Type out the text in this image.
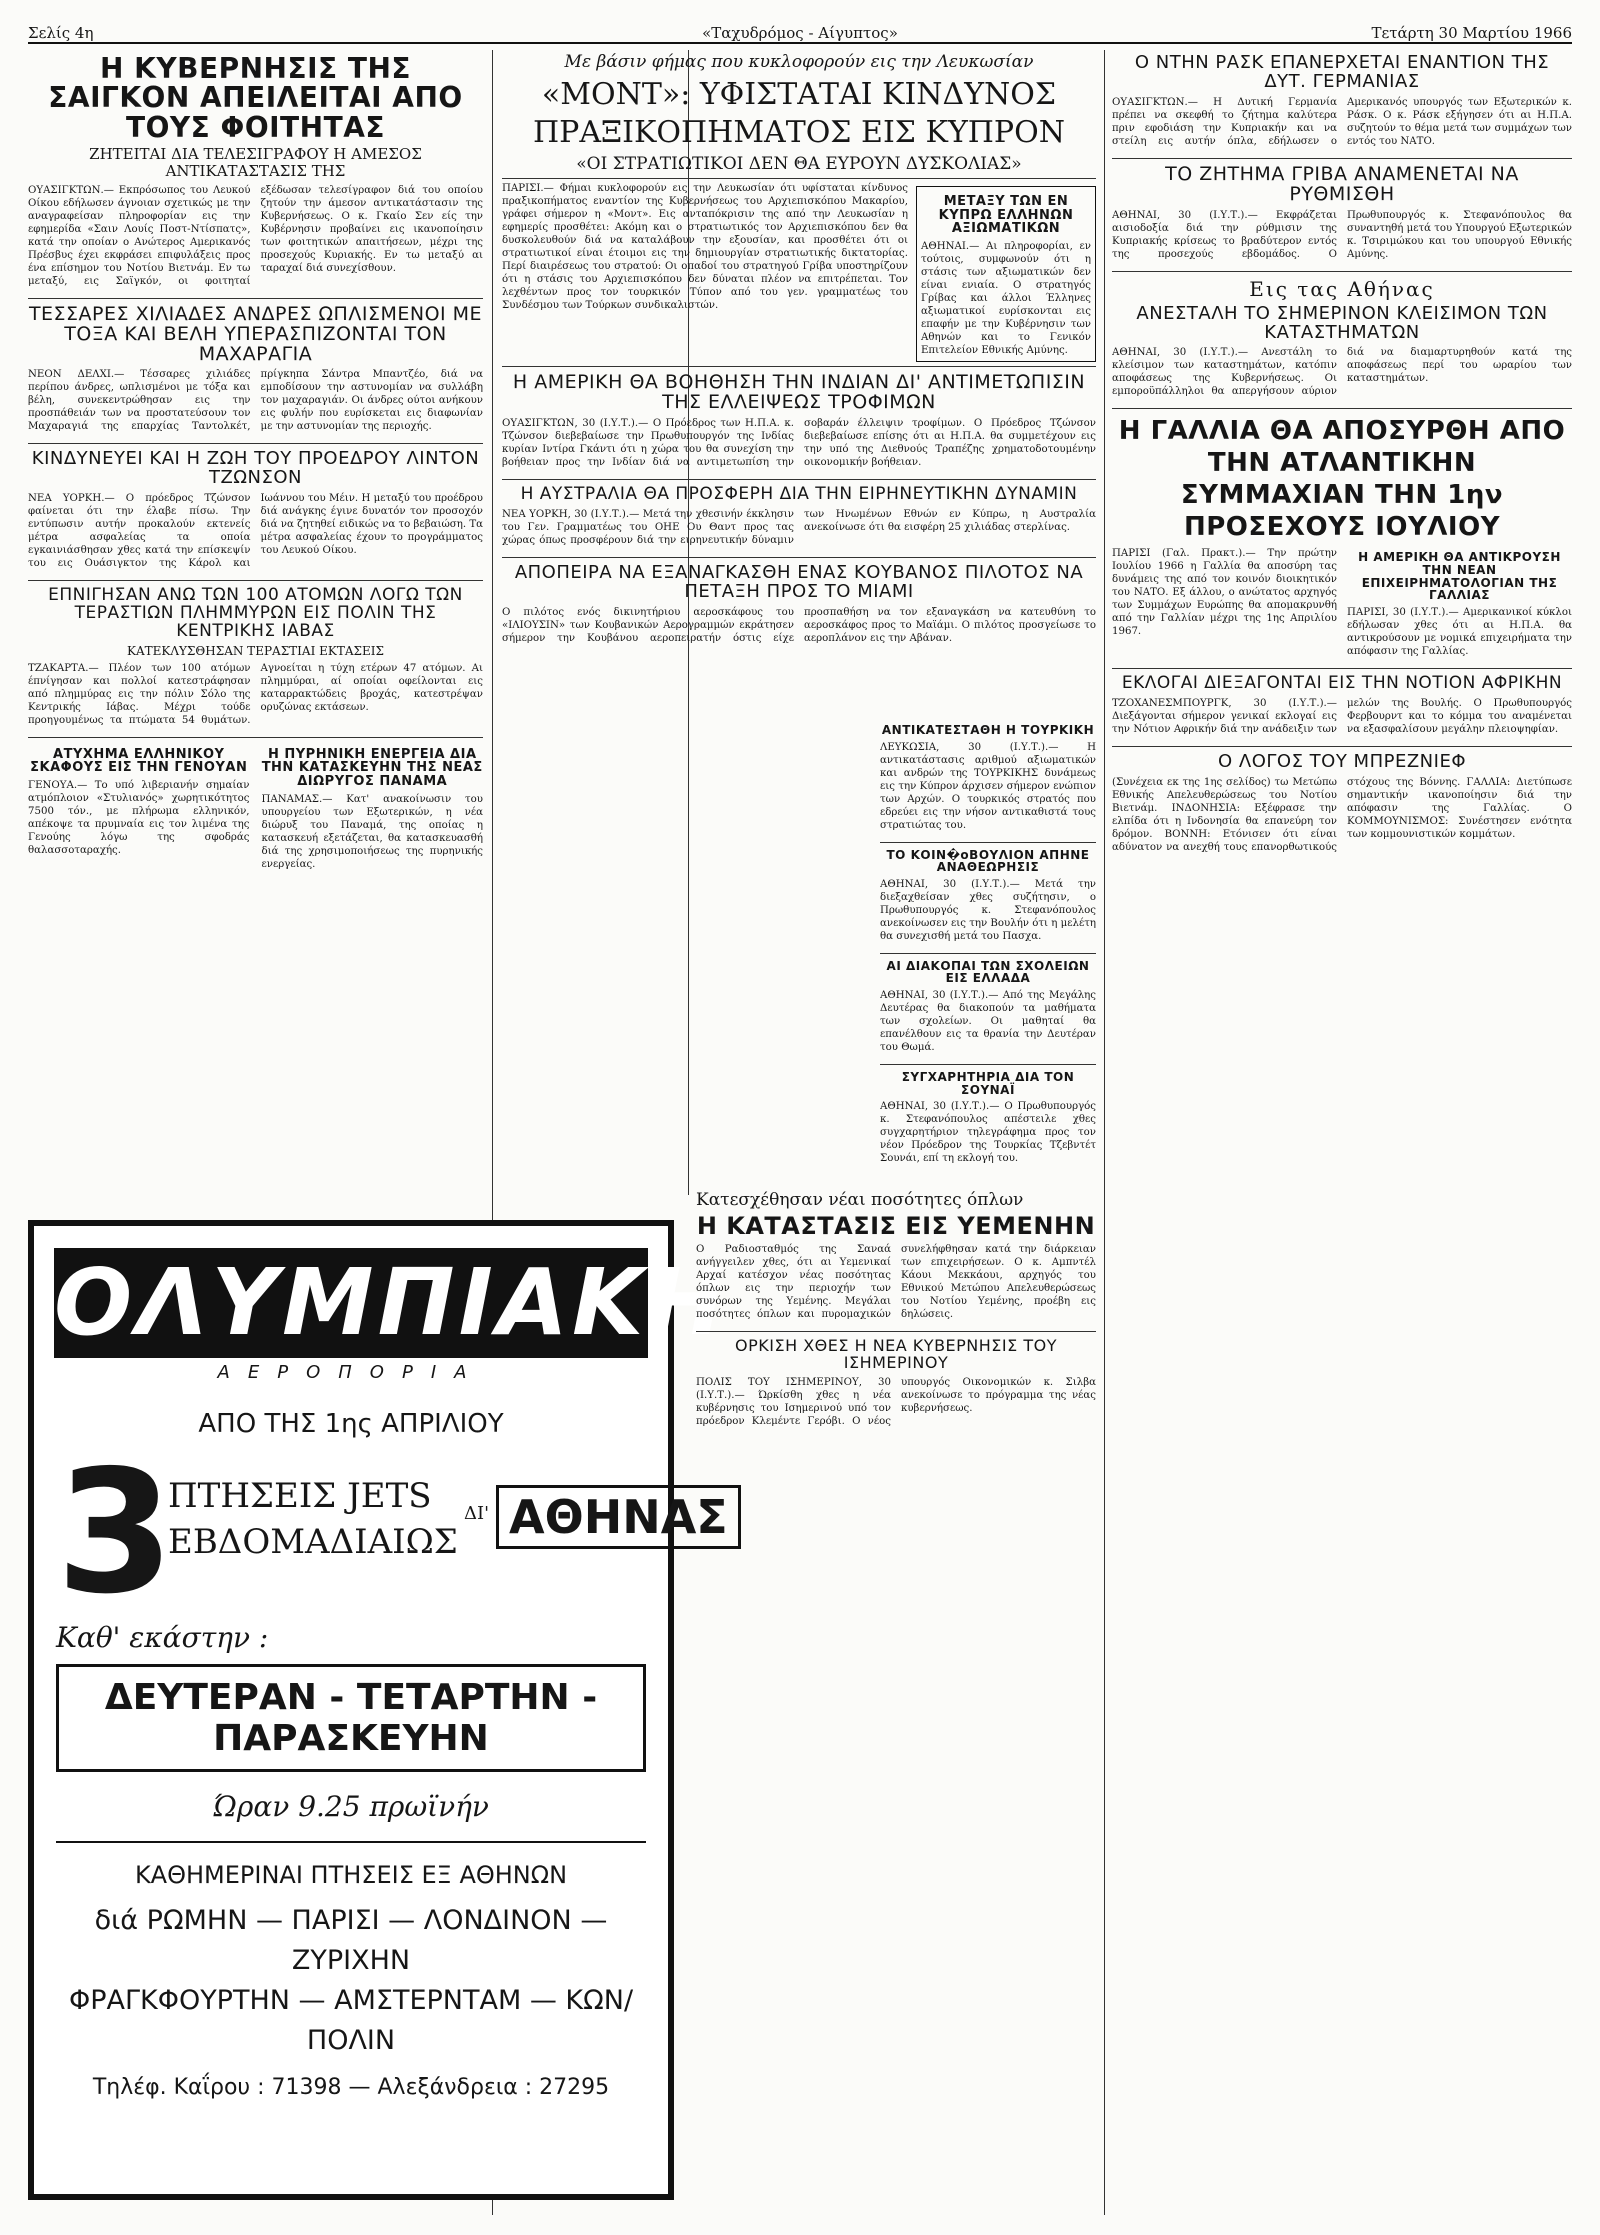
Σελίς 4η	«Ταχυδρόμος - Αίγυπτος»	Τετάρτη 30 Μαρτίου 1966
Η ΚΥΒΕΡΝΗΣΙΣ ΤΗΣ ΣΑΙΓΚΟΝ ΑΠΕΙΛΕΙΤΑΙ ΑΠΟ ΤΟΥΣ ΦΟΙΤΗΤΑΣ
ΖΗΤΕΙΤΑΙ ΔΙΑ ΤΕΛΕΣΙΓΡΑΦΟΥ Η ΑΜΕΣΟΣ ΑΝΤΙΚΑΤΑΣΤΑΣΙΣ ΤΗΣ
ΟΥΑΣΙΓΚΤΩΝ.— Εκπρόσωπος του Λευκού Οίκου εδήλωσεν άγνοιαν σχετικώς με την αναγραφείσαν πληροφορίαν εις την εφημερίδα «Σαιν Λουίς Ποστ-Ντίσπατς», κατά την οποίαν ο Ανώτερος Αμερικανός Πρέσβυς έχει εκφράσει επιφυλάξεις προς ένα επίσημον του Νοτίου Βιετνάμ. Εν τω μεταξύ, εις Σαϊγκόν, οι φοιτηταί εξέδωσαν τελεσίγραφον διά του οποίου ζητούν την άμεσον αντικατάστασιν της Κυβερνήσεως. Ο κ. Γκαίο Σεν είς την Κυβέρνησιν προβαίνει εις ικανοποίησιν των φοιτητικών απαιτήσεων, μέχρι της προσεχούς Κυριακής. Εν τω μεταξύ αι ταραχαί διά συνεχίσθουν.
ΤΕΣΣΑΡΕΣ ΧΙΛΙΑΔΕΣ ΑΝΔΡΕΣ ΩΠΛΙΣΜΕΝΟΙ ΜΕ ΤΟΞΑ ΚΑΙ ΒΕΛΗ ΥΠΕΡΑΣΠΙΖΟΝΤΑΙ ΤΟΝ ΜΑΧΑΡΑΓΙΑ
ΝΕΟΝ ΔΕΛΧΙ.— Τέσσαρες χιλιάδες περίπου άνδρες, ωπλισμένοι με τόξα και βέλη, συνεκεντρώθησαν εις την προσπάθειάν των να προστατεύσουν τον Μαχαραγιά της επαρχίας Ταντολκέτ, πρίγκηπα Σάντρα Μπαντζέο, διά να εμποδίσουν την αστυνομίαν να συλλάβη τον μαχαραγιάν. Οι άνδρες ούτοι ανήκουν εις φυλήν που ευρίσκεται εις διαφωνίαν με την αστυνομίαν της περιοχής.
ΚΙΝΔΥΝΕΥΕΙ ΚΑΙ Η ΖΩΗ ΤΟΥ ΠΡΟΕΔΡΟΥ ΛΙΝΤΟΝ ΤΖΩΝΣΟΝ
ΝΕΑ ΥΟΡΚΗ.— Ο πρόεδρος Τζώνσον φαίνεται ότι την έλαβε πίσω. Την εντύπωσιν αυτήν προκαλούν εκτενείς μέτρα ασφαλείας τα οποία εγκαινιάσθησαν χθες κατά την επίσκεψίν του εις Ουάσιγκτον της Κάρολ και Ιωάννου του Μέιν. Η μεταξύ του προέδρου διά ανάγκης έγινε δυνατόν τον προσοχόν διά να ζητηθεί ειδικώς να το βεβαιώση. Τα μέτρα ασφαλείας έχουν το προγράμματος του Λευκού Οίκου.
ΕΠΝΙΓΗΣΑΝ ΑΝΩ ΤΩΝ 100 ΑΤΟΜΩΝ ΛΟΓΩ ΤΩΝ ΤΕΡΑΣΤΙΩΝ ΠΛΗΜΜΥΡΩΝ ΕΙΣ ΠΟΛΙΝ ΤΗΣ ΚΕΝΤΡΙΚΗΣ ΙΑΒΑΣ
ΚΑΤΕΚΛΥΣΘΗΣΑΝ ΤΕΡΑΣΤΙΑΙ ΕΚΤΑΣΕΙΣ
ΤΖΑΚΑΡΤΑ.— Πλέον των 100 ατόμων έπνίγησαν και πολλοί κατεστράφησαν από πλημμύρας εις την πόλιν Σόλο της Κεντρικής Ιάβας. Μέχρι τούδε προηγουμένως τα πτώματα 54 θυμάτων. Αγνοείται η τύχη ετέρων 47 ατόμων. Αι πλημμύραι, αί οποίαι οφείλονται εις καταρρακτώδεις βροχάς, κατεστρέψαν ορυζώνας εκτάσεων.
ΑΤΥΧΗΜΑ ΕΛΛΗΝΙΚΟΥ ΣΚΑΦΟΥΣ ΕΙΣ ΤΗΝ ΓΕΝΟΥΑΝ
ΓΕΝΟΥΑ.— Το υπό λιβεριανήν σημαίαν ατμόπλοιον «Στυλιανός» χωρητικότητος 7500 τόν., με πλήρωμα ελληνικόν, απέκοψε τα πρυμναία εις τον λιμένα της Γενούης λόγω της σφοδράς θαλασσοταραχής.
Η ΠΥΡΗΝΙΚΗ ΕΝΕΡΓΕΙΑ ΔΙΑ ΤΗΝ ΚΑΤΑΣΚΕΥΗΝ ΤΗΣ ΝΕΑΣ ΔΙΩΡΥΓΟΣ ΠΑΝΑΜΑ
ΠΑΝΑΜΑΣ.— Κατ' ανακοίνωσιν του υπουργείου των Εξωτερικών, η νέα διώρυξ του Παναμά, της οποίας η κατασκευή εξετάζεται, θα κατασκευασθή διά της χρησιμοποιήσεως της πυρηνικής ενεργείας.
ΟΛΥΜΠΙΑΚΗ
ΑΕΡΟΠΟΡΙΑ
ΑΠΟ ΤΗΣ 1ης ΑΠΡΙΛΙΟΥ
3
ΠΤΗΣΕΙΣ JETS
ΕΒΔΟΜΑΔΙΑΙΩΣ
ΔΙ' ΑΘΗΝΑΣ
Καθ' εκάστην :
ΔΕΥΤΕΡΑΝ - ΤΕΤΑΡΤΗΝ - ΠΑΡΑΣΚΕΥΗΝ
Ώραν 9.25 πρωϊνήν
ΚΑΘΗΜΕΡΙΝΑΙ ΠΤΗΣΕΙΣ ΕΞ ΑΘΗΝΩΝ
διά ΡΩΜΗΝ — ΠΑΡΙΣΙ — ΛΟΝΔΙΝΟΝ — ΖΥΡΙΧΗΝ
ΦΡΑΓΚΦΟΥΡΤΗΝ — ΑΜΣΤΕΡΝΤΑΜ — ΚΩΝ/ΠΟΛΙΝ
Τηλέφ. Καΐρου : 71398 — Αλεξάνδρεια : 27295
Με βάσιν φήμας που κυκλοφορούν εις την Λευκωσίαν
«ΜΟΝΤ»: ΥΦΙΣΤΑΤΑΙ ΚΙΝΔΥΝΟΣ ΠΡΑΞΙΚΟΠΗΜΑΤΟΣ ΕΙΣ ΚΥΠΡΟΝ
«ΟΙ ΣΤΡΑΤΙΩΤΙΚΟΙ ΔΕΝ ΘΑ ΕΥΡΟΥΝ ΔΥΣΚΟΛΙΑΣ»
ΜΕΤΑΞΥ ΤΩΝ ΕΝ ΚΥΠΡΩ ΕΛΛΗΝΩΝ ΑΞΙΩΜΑΤΙΚΩΝ
ΑΘΗΝΑΙ.— Αι πληροφορίαι, εν τούτοις, συμφωνούν ότι η στάσις των αξιωματικών δεν είναι ενιαία. Ο στρατηγός Γρίβας και άλλοι Έλληνες αξιωματικοί ευρίσκονται εις επαφήν με την Κυβέρνησιν των Αθηνών και το Γενικόν Επιτελείον Εθνικής Αμύνης.
ΠΑΡΙΣΙ.— Φήμαι κυκλοφορούν εις την Λευκωσίαν ότι υφίσταται κίνδυνος πραξικοπήματος εναντίον της Κυβερνήσεως του Αρχιεπισκόπου Μακαρίου, γράφει σήμερον η «Μοντ». Εις ανταπόκρισιν της από την Λευκωσίαν η εφημερίς προσθέτει: Ακόμη και ο στρατιωτικός τον Αρχιεπισκόπου δεν θα δυσκολευθούν διά να καταλάβουν την εξουσίαν, και προσθέτει ότι οι στρατιωτικοί είναι έτοιμοι εις την δημιουργίαν στρατιωτικής δικτατορίας. Περί διαιρέσεως του στρατού: Οι οπαδοί του στρατηγού Γρίβα υποστηρίζουν ότι η στάσις του Αρχιεπισκόπου δεν δύναται πλέον να επιτρέπεται. Τον λεχθέντων προς τον τουρκικόν Τύπον από του γεν. γραμματέως του Συνδέσμου των Τούρκων συνδικαλιστών.
Η ΑΜΕΡΙΚΗ ΘΑ ΒΟΗΘΗΣΗ ΤΗΝ ΙΝΔΙΑΝ ΔΙ' ΑΝΤΙΜΕΤΩΠΙΣΙΝ ΤΗΣ ΕΛΛΕΙΨΕΩΣ ΤΡΟΦΙΜΩΝ
ΟΥΑΣΙΓΚΤΩΝ, 30 (Ι.Υ.Τ.).— Ο Πρόεδρος των Η.Π.Α. κ. Τζώνσον διεβεβαίωσε την Πρωθυπουργόν της Ινδίας κυρίαν Ιντίρα Γκάντι ότι η χώρα του θα συνεχίση την βοήθειαν προς την Ινδίαν διά να αντιμετωπίση την σοβαράν έλλειψιν τροφίμων. Ο Πρόεδρος Τζώνσον διεβεβαίωσε επίσης ότι αι Η.Π.Α. θα συμμετέχουν εις την υπό της Διεθνούς Τραπέζης χρηματοδοτουμένην οικονομικήν βοήθειαν.
Η ΑΥΣΤΡΑΛΙΑ ΘΑ ΠΡΟΣΦΕΡΗ ΔΙΑ ΤΗΝ ΕΙΡΗΝΕΥΤΙΚΗΝ ΔΥΝΑΜΙΝ
ΝΕΑ ΥΟΡΚΗ, 30 (Ι.Υ.Τ.).— Μετά την χθεσινήν έκκλησιν του Γεν. Γραμματέως του ΟΗΕ Ου Θαντ προς τας χώρας όπως προσφέρουν διά την ειρηνευτικήν δύναμιν των Ηνωμένων Εθνών εν Κύπρω, η Αυστραλία ανεκοίνωσε ότι θα εισφέρη 25 χιλιάδας στερλίνας.
ΑΠΟΠΕΙΡΑ ΝΑ ΕΞΑΝΑΓΚΑΣΘΗ ΕΝΑΣ ΚΟΥΒΑΝΟΣ ΠΙΛΟΤΟΣ ΝΑ ΠΕΤΑΞΗ ΠΡΟΣ ΤΟ ΜΙΑΜΙ
Ο πιλότος ενός δικινητήριου αεροσκάφους του «ΙΛΙΟΥΣΙΝ» των Κουβανικών Αερογραμμών εκράτησεν σήμερον την Κουβάνου αεροπειρατήν όστις είχε προσπαθήση να τον εξαναγκάση να κατευθύνη το αεροσκάφος προς το Μαϊάμι. Ο πιλότος προσγείωσε το αεροπλάνον εις την Αβάναν.
Κατεσχέθησαν νέαι ποσότητες όπλων
Η ΚΑΤΑΣΤΑΣΙΣ ΕΙΣ ΥΕΜΕΝΗΝ
Ο Ραδιοσταθμός της Σαναά ανήγγειλεν χθες, ότι αι Υεμενικαί Αρχαί κατέσχον νέας ποσότητας όπλων εις την περιοχήν των συνόρων της Υεμένης. Μεγάλαι ποσότητες όπλων και πυρομαχικών συνελήφθησαν κατά την διάρκειαν των επιχειρήσεων. Ο κ. Αμπντέλ Κάουι Μεκκάουι, αρχηγός του Εθνικού Μετώπου Απελευθερώσεως του Νοτίου Υεμένης, προέβη εις δηλώσεις.
ΟΡΚΙΣΗ ΧΘΕΣ Η ΝΕΑ ΚΥΒΕΡΝΗΣΙΣ ΤΟΥ ΙΣΗΜΕΡΙΝΟΥ
ΠΟΛΙΣ ΤΟΥ ΙΣΗΜΕΡΙΝΟΥ, 30 (Ι.Υ.Τ.).— Ώρκίσθη χθες η νέα κυβέρνησις του Ισημερινού υπό τον πρόεδρον Κλεμέντε Γερόβι. Ο νέος υπουργός Οικονομικών κ. Σιλβα ανεκοίνωσε το πρόγραμμα της νέας κυβερνήσεως.
Ο ΝΤΗΝ ΡΑΣΚ ΕΠΑΝΕΡΧΕΤΑΙ ΕΝΑΝΤΙΟΝ ΤΗΣ ΔΥΤ. ΓΕΡΜΑΝΙΑΣ
ΟΥΑΣΙΓΚΤΩΝ.— Η Δυτική Γερμανία πρέπει να σκεφθή το ζήτημα καλύτερα πριν εφοδιάση την Κυπριακήν και να στείλη εις αυτήν όπλα, εδήλωσεν ο Αμερικανός υπουργός των Εξωτερικών κ. Ράσκ. Ο κ. Ράσκ εξήγησεν ότι αι Η.Π.Α. συζητούν το θέμα μετά των συμμάχων των εντός του ΝΑΤΟ.
ΤΟ ΖΗΤΗΜΑ ΓΡΙΒΑ ΑΝΑΜΕΝΕΤΑΙ ΝΑ ΡΥΘΜΙΣΘΗ
ΑΘΗΝΑΙ, 30 (Ι.Υ.Τ.).— Εκφράζεται αισιοδοξία διά την ρύθμισιν της Κυπριακής κρίσεως το βραδύτερον εντός της προσεχούς εβδομάδος. Ο Πρωθυπουργός κ. Στεφανόπουλος θα συναντηθή μετά του Υπουργού Εξωτερικών κ. Τσιριμώκου και του υπουργού Εθνικής Αμύνης.
Εις τας Αθήνας
ΑΝΕΣΤΑΛΗ ΤΟ ΣΗΜΕΡΙΝΟΝ ΚΛΕΙΣΙΜΟΝ ΤΩΝ ΚΑΤΑΣΤΗΜΑΤΩΝ
ΑΘΗΝΑΙ, 30 (Ι.Υ.Τ.).— Ανεστάλη το κλείσιμον των καταστημάτων, κατόπιν αποφάσεως της Κυβερνήσεως. Οι εμποροϋπάλληλοι θα απεργήσουν αύριον διά να διαμαρτυρηθούν κατά της αποφάσεως περί του ωραρίου των καταστημάτων.
Η ΓΑΛΛΙΑ ΘΑ ΑΠΟΣΥΡΘΗ ΑΠΟ ΤΗΝ ΑΤΛΑΝΤΙΚΗΝ ΣΥΜΜΑΧΙΑΝ ΤΗΝ 1ην ΠΡΟΣΕΧΟΥΣ ΙΟΥΛΙΟΥ
ΠΑΡΙΣΙ (Γαλ. Πρακτ.).— Την πρώτην Ιουλίου 1966 η Γαλλία θα αποσύρη τας δυνάμεις της από τον κοινόν διοικητικόν του ΝΑΤΟ. Εξ άλλου, ο ανώτατος αρχηγός των Συμμάχων Ευρώπης θα απομακρυνθή από την Γαλλίαν μέχρι της 1ης Απριλίου 1967.
Η ΑΜΕΡΙΚΗ ΘΑ ΑΝΤΙΚΡΟΥΣΗ ΤΗΝ ΝΕΑΝ ΕΠΙΧΕΙΡΗΜΑΤΟΛΟΓΙΑΝ ΤΗΣ ΓΑΛΛΙΑΣ
ΠΑΡΙΣΙ, 30 (Ι.Υ.Τ.).— Αμερικανικοί κύκλοι εδήλωσαν χθες ότι αι Η.Π.Α. θα αντικρούσουν με νομικά επιχειρήματα την απόφασιν της Γαλλίας.
ΕΚΛΟΓΑΙ ΔΙΕΞΑΓΟΝΤΑΙ ΕΙΣ ΤΗΝ ΝΟΤΙΟΝ ΑΦΡΙΚΗΝ
ΤΖΟΧΑΝΕΣΜΠΟΥΡΓΚ, 30 (Ι.Υ.Τ.).— Διεξάγονται σήμερον γενικαί εκλογαί εις την Νότιον Αφρικήν διά την ανάδειξιν των μελών της Βουλής. Ο Πρωθυπουργός Φερβουρντ και το κόμμα του αναμένεται να εξασφαλίσουν μεγάλην πλειοψηφίαν.
Ο ΛΟΓΟΣ ΤΟΥ ΜΠΡΕΖΝΙΕΦ
(Συνέχεια εκ της 1ης σελίδος) τω Μετώπω Εθνικής Απελευθερώσεως του Νοτίου Βιετνάμ. ΙΝΔΟΝΗΣΙΑ: Εξέφρασε την ελπίδα ότι η Ινδονησία θα επανεύρη τον δρόμον. ΒΟΝΝΗ: Ετόνισεν ότι είναι αδύνατον να ανεχθή τους επανορθωτικούς στόχους της Βόννης. ΓΑΛΛΙΑ: Διετύπωσε σημαντικήν ικανοποίησιν διά την απόφασιν της Γαλλίας. Ο ΚΟΜΜΟΥΝΙΣΜΟΣ: Συνέστησεν ενότητα των κομμουνιστικών κομμάτων.
ΑΝΤΙΚΑΤΕΣΤΑΘΗ Η ΤΟΥΡΚΙΚΗ
ΛΕΥΚΩΣΙΑ, 30 (Ι.Υ.Τ.).— Η αντικατάστασις αριθμού αξιωματικών και ανδρών της ΤΟΥΡΚΙΚΗΣ δυνάμεως εις την Κύπρον άρχισεν σήμερον ενώπιον των Αρχών. Ο τουρκικός στρατός που εδρεύει εις την νήσον αντικαθιστά τους στρατιώτας του.
ΤΟ ΚΟΙΝ�οΒΟΥΛΙΟΝ ΑΠΗΝΕ ΑΝΑΘΕΩΡΗΣΙΣ
ΑΘΗΝΑΙ, 30 (Ι.Υ.Τ.).— Μετά την διεξαχθείσαν χθες συζήτησιν, ο Πρωθυπουργός κ. Στεφανόπουλος ανεκοίνωσεν εις την Βουλήν ότι η μελέτη θα συνεχισθή μετά του Πασχα.
ΑΙ ΔΙΑΚΟΠΑΙ ΤΩΝ ΣΧΟΛΕΙΩΝ ΕΙΣ ΕΛΛΑΔΑ
ΑΘΗΝΑΙ, 30 (Ι.Υ.Τ.).— Από της Μεγάλης Δευτέρας θα διακοπούν τα μαθήματα των σχολείων. Οι μαθηταί θα επανέλθουν εις τα θρανία την Δευτέραν του Θωμά.
ΣΥΓΧΑΡΗΤΗΡΙΑ ΔΙΑ ΤΟΝ ΣΟΥΝΑΪ
ΑΘΗΝΑΙ, 30 (Ι.Υ.Τ.).— Ο Πρωθυπουργός κ. Στεφανόπουλος απέστειλε χθες συγχαρητήριον τηλεγράφημα προς τον νέον Πρόεδρον της Τουρκίας Τζεβντέτ Σουνάι, επί τη εκλογή του.
